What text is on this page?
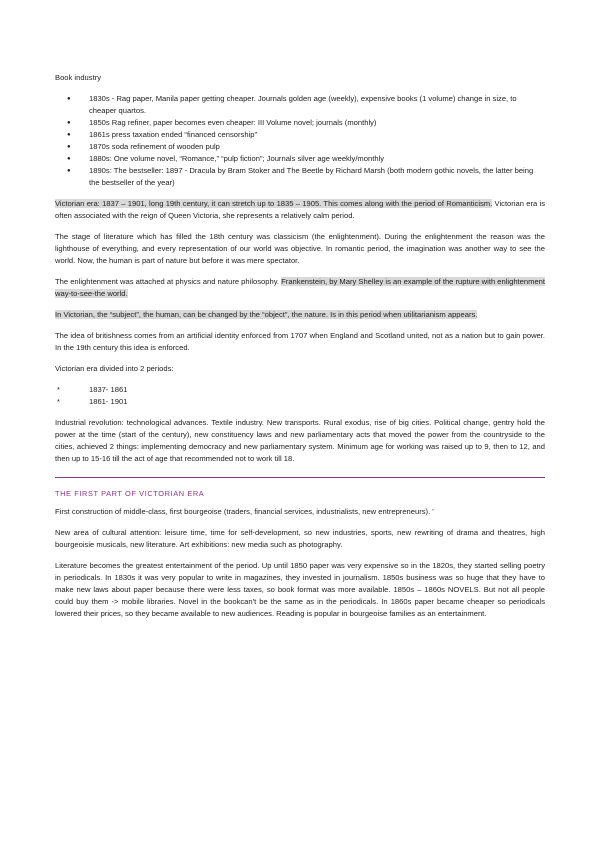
Book industry

● 1830s - Rag paper, Manila paper getting cheaper. Journals golden age (weekly), expensive books (1 volume) change in size, to cheaper quartos.
● 1850s Rag refiner, paper becomes even cheaper: III Volume novel; journals (monthly)
● 1861s press taxation ended “financed censorship”
● 1870s soda refinement of wooden pulp
● 1880s: One volume novel, “Romance,” “pulp fiction”; Journals silver age weekly/monthly
● 1890s: The bestseller: 1897 - Dracula by Bram Stoker and The Beetle by Richard Marsh (both modern gothic novels, the latter being the bestseller of the year)

Victorian era: 1837 – 1901, long 19th century, it can stretch up to 1835 – 1905. This comes along with the period of Romanticism. Victorian era is often associated with the reign of Queen Victoria, she represents a relatively calm period.

The stage of literature which has filled the 18th century was classicism (the enlightenment). During the enlightenment the reason was the lighthouse of everything, and every representation of our world was objective. In romantic period, the imagination was another way to see the world. Now, the human is part of nature but before it was mere spectator.

The enlightenment was attached at physics and nature philosophy. Frankenstein, by Mary Shelley is an example of the rupture with enlightenment way-to-see-the world.

In Victorian, the “subject”, the human, can be changed by the “object”, the nature. Is in this period when utilitarianism appears.

The idea of britishness comes from an artificial identity enforced from 1707 when England and Scotland united, not as a nation but to gain power. In the 19th century this idea is enforced.

Victorian era divided into 2 periods:

* 1837- 1861
* 1861- 1901

Industrial revolution: technological advances. Textile industry. New transports. Rural exodus, rise of big cities. Political change, gentry hold the power at the time (start of the century), new constituency laws and new parliamentary acts that moved the power from the countryside to the cities, achieved 2 things: implementing democracy and new parliamentary system. Minimum age for working was raised up to 9, then to 12, and then up to 15-16 till the act of age that recommended not to work till 18.

THE FIRST PART OF VICTORIAN ERA

First construction of middle-class, first bourgeoise (traders, financial services, industrialists, new entrepreneurs). '

New area of cultural attention: leisure time, time for self-development, so new industries, sports, new rewriting of drama and theatres, high bourgeoisie musicals, new literature. Art exhibitions: new media such as photography.

Literature becomes the greatest entertainment of the period. Up until 1850 paper was very expensive so in the 1820s, they started selling poetry in periodicals. In 1830s it was very popular to write in magazines, they invested in journalism. 1850s business was so huge that they have to make new laws about paper because there were less taxes, so book format was more available. 1850s – 1860s NOVELS. But not all people could buy them -> mobile libraries. Novel in the bookcan't be the same as in the periodicals. In 1860s paper became cheaper so periodicals lowered their prices, so they became available to new audiences. Reading is popular in bourgeoise families as an entertainment.
